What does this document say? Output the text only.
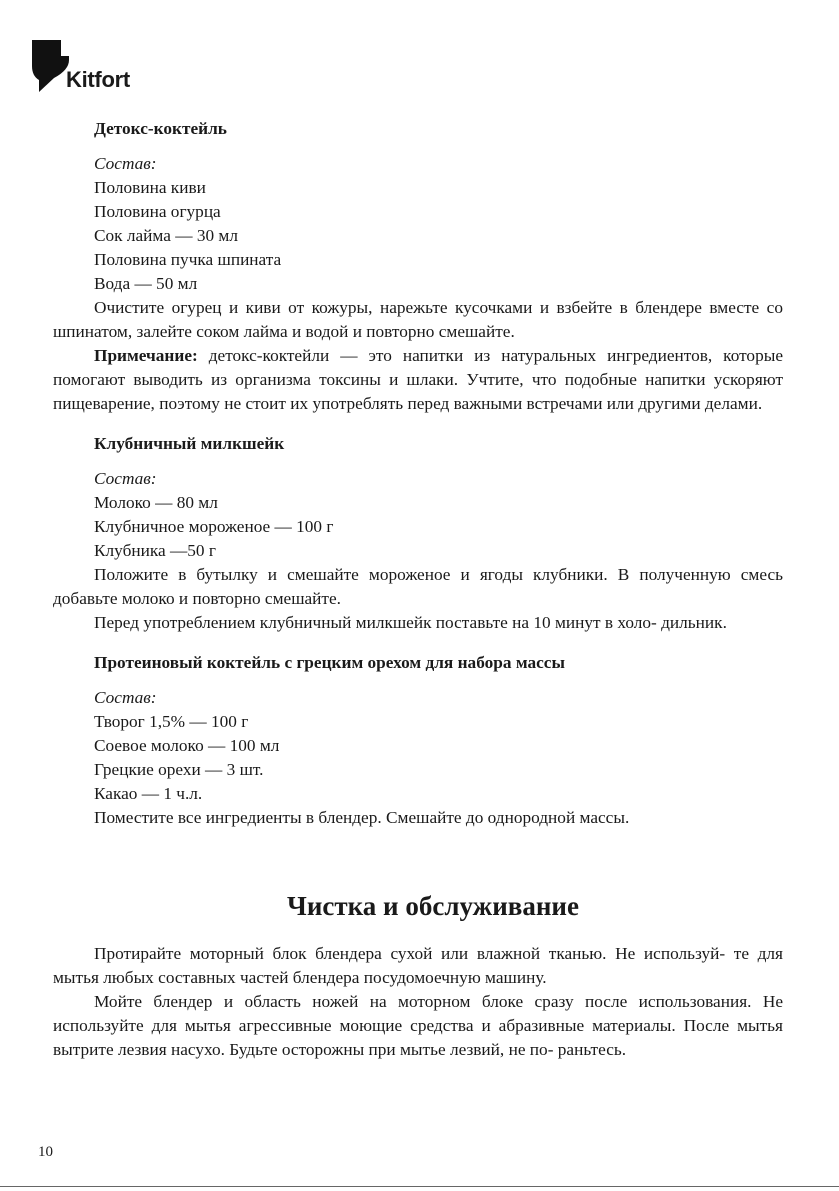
Kitfort
Детокс-коктейль
Состав:
Половина киви
Половина огурца
Сок лайма — 30 мл
Половина пучка шпината
Вода — 50 мл
Очистите огурец и киви от кожуры, нарежьте кусочками и взбейте в блендере вместе со шпинатом, залейте соком лайма и водой и повторно смешайте.
Примечание: детокс-коктейли — это напитки из натуральных ингредиентов, которые помогают выводить из организма токсины и шлаки. Учтите, что подобные напитки ускоряют пищеварение, поэтому не стоит их употреблять перед важными встречами или другими делами.
Клубничный милкшейк
Состав:
Молоко — 80 мл
Клубничное мороженое — 100 г
Клубника —50 г
Положите в бутылку и смешайте мороженое и ягоды клубники. В полученную смесь добавьте молоко и повторно смешайте.
Перед употреблением клубничный милкшейк поставьте на 10 минут в холо- дильник.
Протеиновый коктейль с грецким орехом для набора массы
Состав:
Творог 1,5% — 100 г
Соевое молоко — 100 мл
Грецкие орехи — 3 шт.
Какао — 1 ч.л.
Поместите все ингредиенты в блендер. Смешайте до однородной массы.
Чистка и обслуживание
Протирайте моторный блок блендера сухой или влажной тканью. Не используй- те для мытья любых составных частей блендера посудомоечную машину.
Мойте блендер и область ножей на моторном блоке сразу после использования. Не используйте для мытья агрессивные моющие средства и абразивные материалы. После мытья вытрите лезвия насухо. Будьте осторожны при мытье лезвий, не по- раньтесь.
10
